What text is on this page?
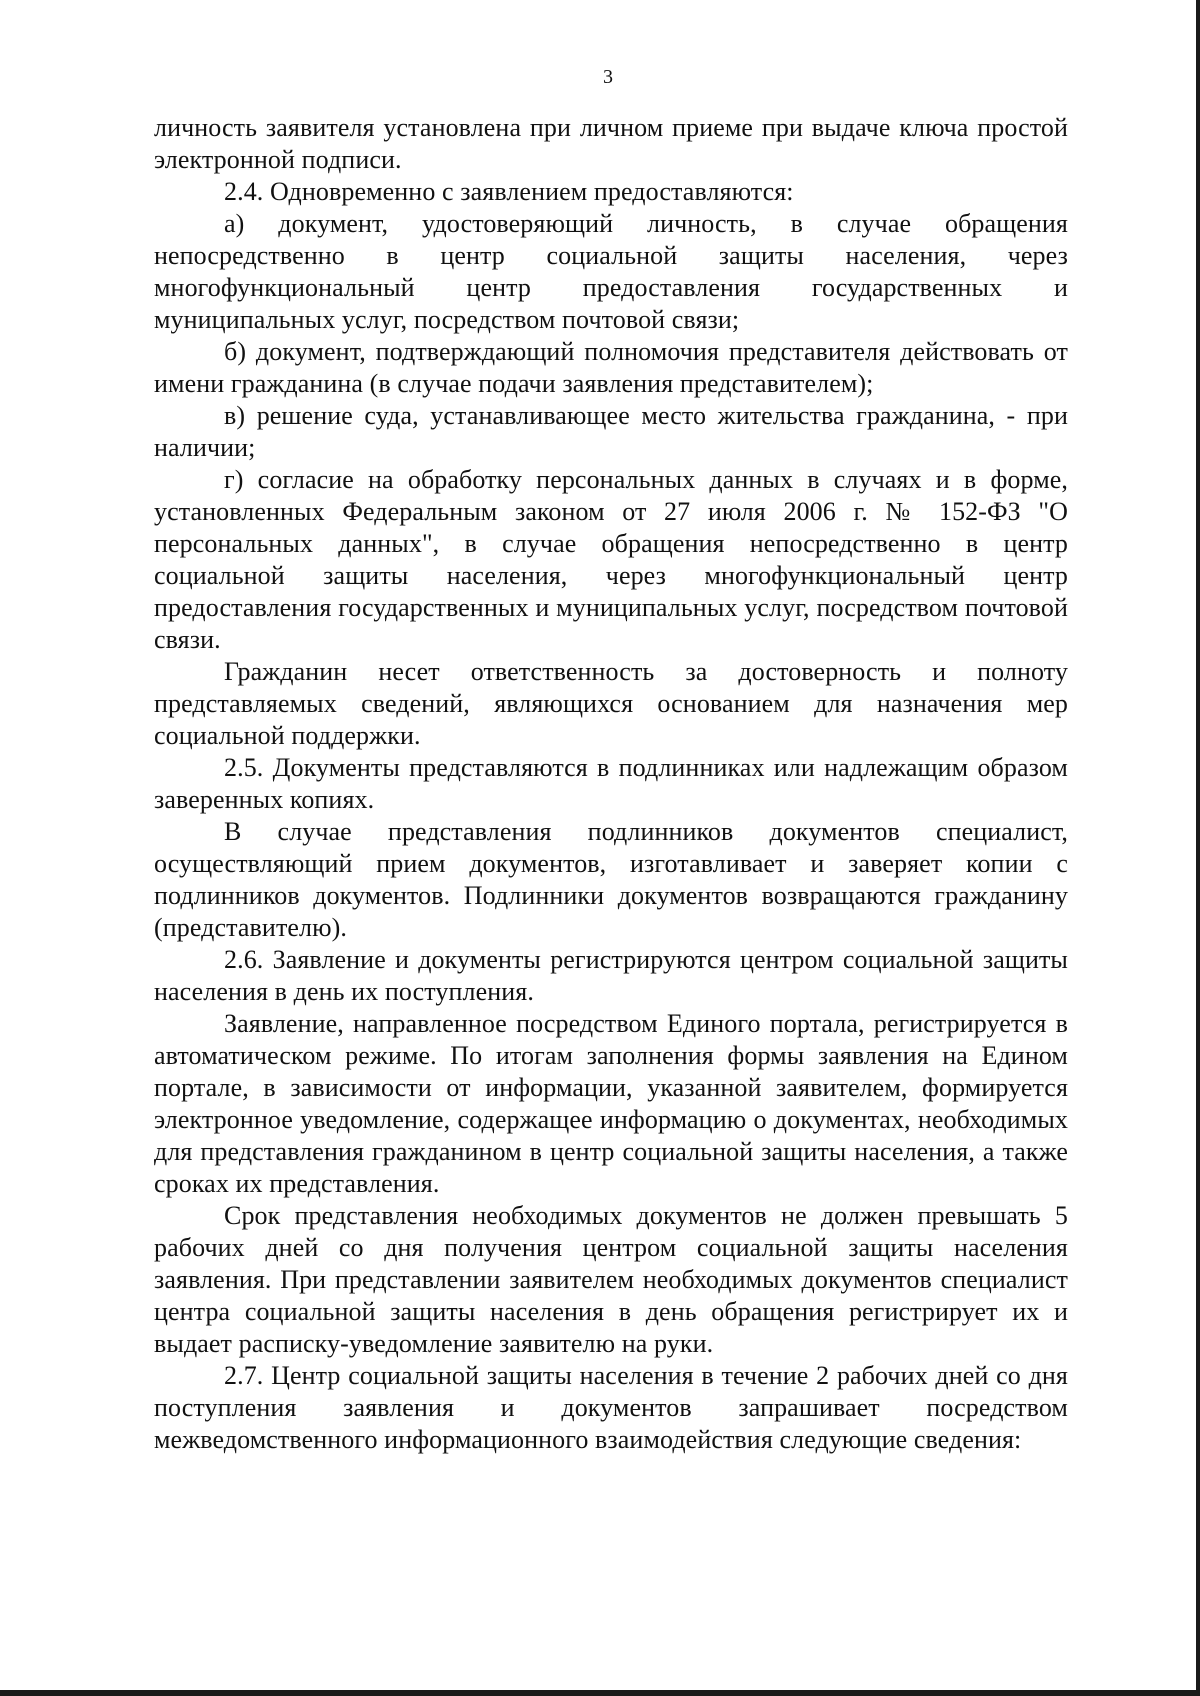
3

личность заявителя установлена при личном приеме при выдаче ключа простой электронной подписи.

2.4. Одновременно с заявлением предоставляются:

а) документ, удостоверяющий личность, в случае обращения непосредственно в центр социальной защиты населения, через многофункциональный центр предоставления государственных и муниципальных услуг, посредством почтовой связи;

б) документ, подтверждающий полномочия представителя действовать от имени гражданина (в случае подачи заявления представителем);

в) решение суда, устанавливающее место жительства гражданина, - при наличии;

г) согласие на обработку персональных данных в случаях и в форме, установленных Федеральным законом от 27 июля 2006 г. № 152-ФЗ "О персональных данных", в случае обращения непосредственно в центр социальной защиты населения, через многофункциональный центр предоставления государственных и муниципальных услуг, посредством почтовой связи.

Гражданин несет ответственность за достоверность и полноту представляемых сведений, являющихся основанием для назначения мер социальной поддержки.

2.5. Документы представляются в подлинниках или надлежащим образом заверенных копиях.

В случае представления подлинников документов специалист, осуществляющий прием документов, изготавливает и заверяет копии с подлинников документов. Подлинники документов возвращаются гражданину (представителю).

2.6. Заявление и документы регистрируются центром социальной защиты населения в день их поступления.

Заявление, направленное посредством Единого портала, регистрируется в автоматическом режиме. По итогам заполнения формы заявления на Едином портале, в зависимости от информации, указанной заявителем, формируется электронное уведомление, содержащее информацию о документах, необходимых для представления гражданином в центр социальной защиты населения, а также сроках их представления.

Срок представления необходимых документов не должен превышать 5 рабочих дней со дня получения центром социальной защиты населения заявления. При представлении заявителем необходимых документов специалист центра социальной защиты населения в день обращения регистрирует их и выдает расписку-уведомление заявителю на руки.

2.7. Центр социальной защиты населения в течение 2 рабочих дней со дня поступления заявления и документов запрашивает посредством межведомственного информационного взаимодействия следующие сведения:
